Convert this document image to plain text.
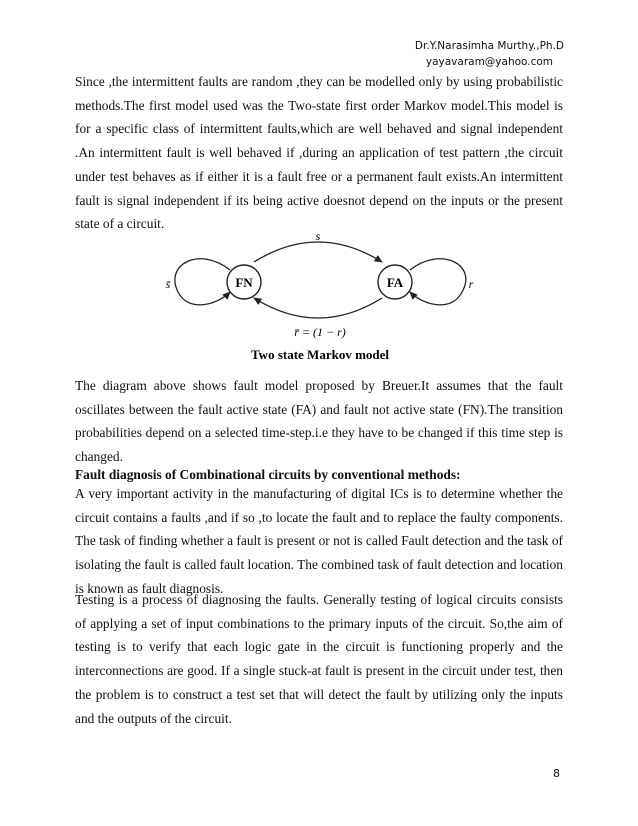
Dr.Y.Narasimha Murthy.,Ph.D
yayavaram@yahoo.com

Since ,the intermittent faults are random ,they can be modelled only by using probabilistic methods.The first model used was the Two-state first order Markov model.This model is for a specific class of intermittent faults,which are well behaved and signal independent .An intermittent fault is well behaved if ,during an application of test pattern ,the circuit under test behaves as if either it is a fault free or a permanent fault exists.An intermittent fault is signal independent if its being active doesnot depend on the inputs or the present state of a circuit.

FN	FA
s
s̄	r
r̄ = (1 − r)
Two state Markov model

The diagram above shows fault model proposed by Breuer.It assumes that the fault oscillates between the fault active state (FA) and fault not active state (FN).The transition probabilities depend on a selected time-step.i.e they have to be changed if this time step is changed.

Fault diagnosis of Combinational circuits by conventional methods:

A very important activity in the manufacturing of digital ICs is to determine whether the circuit contains a faults ,and if so ,to locate the fault and to replace the faulty components. The task of finding whether a fault is present or not is called Fault detection and the task of isolating the fault is called fault location. The combined task of fault detection and location is known as fault diagnosis.

Testing is a process of diagnosing the faults. Generally testing of logical circuits consists of applying a set of input combinations to the primary inputs of the circuit. So,the aim of testing is to verify that each logic gate in the circuit is functioning properly and the interconnections are good. If a single stuck-at fault is present in the circuit under test, then the problem is to construct a test set that will detect the fault by utilizing only the inputs and the outputs of the circuit.

8
